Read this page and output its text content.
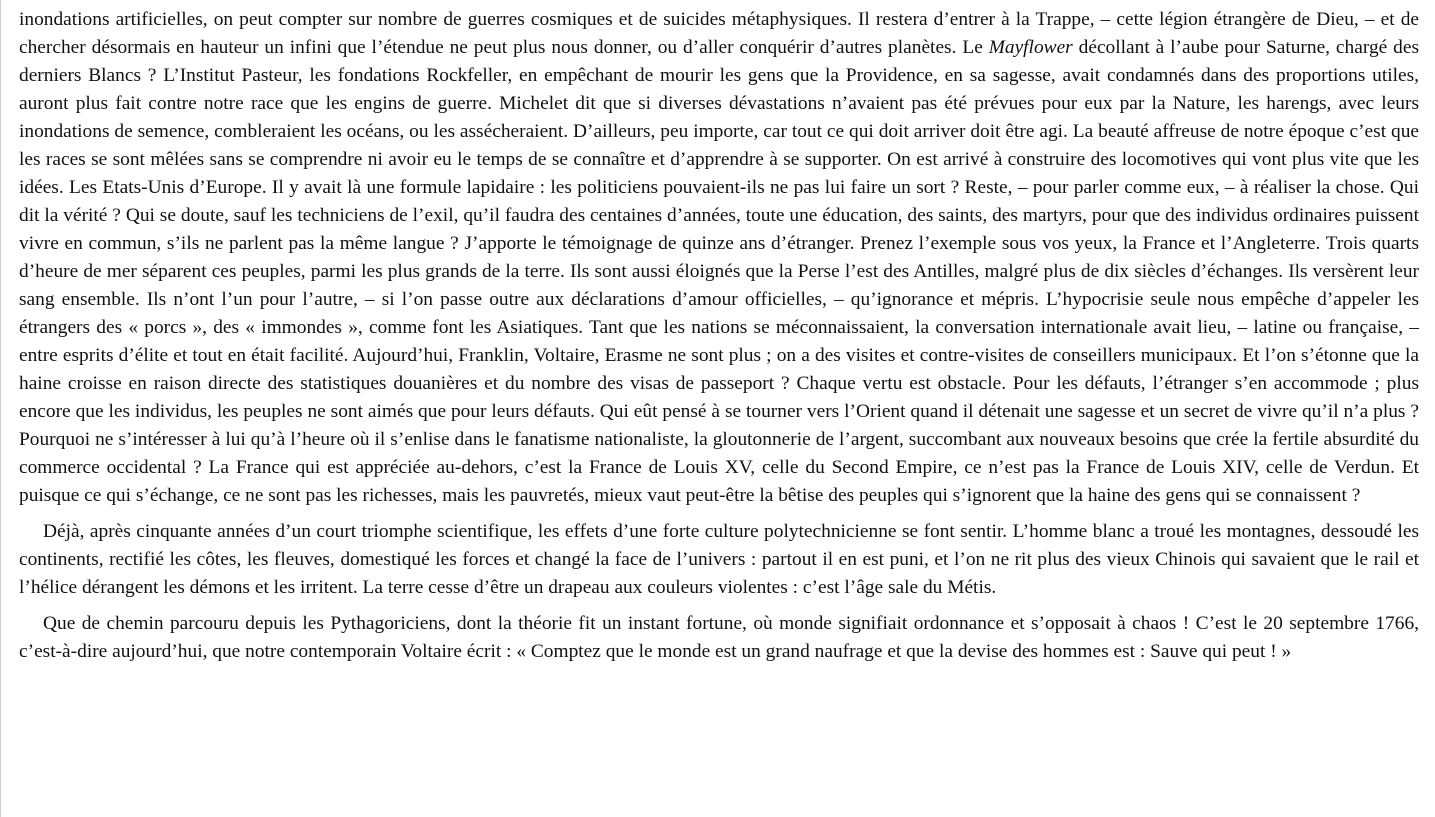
inondations artificielles, on peut compter sur nombre de guerres cosmiques et de suicides métaphysiques. Il restera d’entrer à la Trappe, – cette légion étrangère de Dieu, – et de chercher désormais en hauteur un infini que l’étendue ne peut plus nous donner, ou d’aller conquérir d’autres planètes. Le Mayflower décollant à l’aube pour Saturne, chargé des derniers Blancs ? L’Institut Pasteur, les fondations Rockfeller, en empêchant de mourir les gens que la Providence, en sa sagesse, avait condamnés dans des proportions utiles, auront plus fait contre notre race que les engins de guerre. Michelet dit que si diverses dévastations n’avaient pas été prévues pour eux par la Nature, les harengs, avec leurs inondations de semence, combleraient les océans, ou les assécheraient. D’ailleurs, peu importe, car tout ce qui doit arriver doit être agi. La beauté affreuse de notre époque c’est que les races se sont mêlées sans se comprendre ni avoir eu le temps de se connaître et d’apprendre à se supporter. On est arrivé à construire des locomotives qui vont plus vite que les idées. Les Etats-Unis d’Europe. Il y avait là une formule lapidaire : les politiciens pouvaient-ils ne pas lui faire un sort ? Reste, – pour parler comme eux, – à réaliser la chose. Qui dit la vérité ? Qui se doute, sauf les techniciens de l’exil, qu’il faudra des centaines d’années, toute une éducation, des saints, des martyrs, pour que des individus ordinaires puissent vivre en commun, s’ils ne parlent pas la même langue ? J’apporte le témoignage de quinze ans d’étranger. Prenez l’exemple sous vos yeux, la France et l’Angleterre. Trois quarts d’heure de mer séparent ces peuples, parmi les plus grands de la terre. Ils sont aussi éloignés que la Perse l’est des Antilles, malgré plus de dix siècles d’échanges. Ils versèrent leur sang ensemble. Ils n’ont l’un pour l’autre, – si l’on passe outre aux déclarations d’amour officielles, – qu’ignorance et mépris. L’hypocrisie seule nous empêche d’appeler les étrangers des « porcs », des « immondes », comme font les Asiatiques. Tant que les nations se méconnaissaient, la conversation internationale avait lieu, – latine ou française, – entre esprits d’élite et tout en était facilité. Aujourd’hui, Franklin, Voltaire, Erasme ne sont plus ; on a des visites et contre-visites de conseillers municipaux. Et l’on s’étonne que la haine croisse en raison directe des statistiques douanières et du nombre des visas de passeport ? Chaque vertu est obstacle. Pour les défauts, l’étranger s’en accommode ; plus encore que les individus, les peuples ne sont aimés que pour leurs défauts. Qui eût pensé à se tourner vers l’Orient quand il détenait une sagesse et un secret de vivre qu’il n’a plus ? Pourquoi ne s’intéresser à lui qu’à l’heure où il s’enlise dans le fanatisme nationaliste, la gloutonnerie de l’argent, succombant aux nouveaux besoins que crée la fertile absurdité du commerce occidental ? La France qui est appréciée au-dehors, c’est la France de Louis XV, celle du Second Empire, ce n’est pas la France de Louis XIV, celle de Verdun. Et puisque ce qui s’échange, ce ne sont pas les richesses, mais les pauvretés, mieux vaut peut-être la bêtise des peuples qui s’ignorent que la haine des gens qui se connaissent ?

Déjà, après cinquante années d’un court triomphe scientifique, les effets d’une forte culture polytechnicienne se font sentir. L’homme blanc a troué les montagnes, dessoudé les continents, rectifié les côtes, les fleuves, domestiqué les forces et changé la face de l’univers : partout il en est puni, et l’on ne rit plus des vieux Chinois qui savaient que le rail et l’hélice dérangent les démons et les irritent. La terre cesse d’être un drapeau aux couleurs violentes : c’est l’âge sale du Métis.

Que de chemin parcouru depuis les Pythagoriciens, dont la théorie fit un instant fortune, où monde signifiait ordonnance et s’opposait à chaos ! C’est le 20 septembre 1766, c’est-à-dire aujourd’hui, que notre contemporain Voltaire écrit : « Comptez que le monde est un grand naufrage et que la devise des hommes est : Sauve qui peut ! »
